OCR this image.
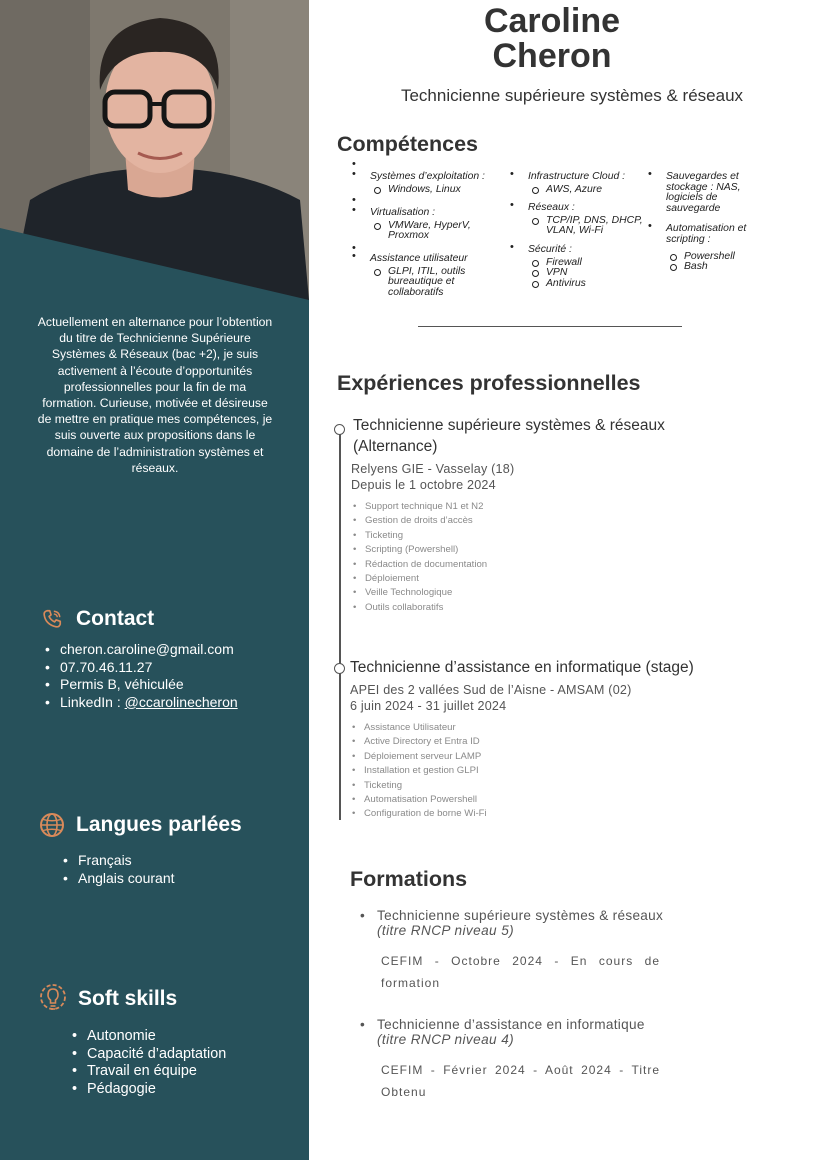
Actuellement en alternance pour l’obtention du titre de Technicienne Supérieure Systèmes & Réseaux (bac +2), je suis activement à l’écoute d’opportunités professionnelles pour la fin de ma formation. Curieuse, motivée et désireuse de mettre en pratique mes compétences, je suis ouverte aux propositions dans le domaine de l’administration systèmes et réseaux.
Contact
• cheron.caroline@gmail.com
• 07.70.46.11.27
• Permis B, véhiculée
• LinkedIn : @ccarolinecheron
Langues parlées
• Français
• Anglais courant
Soft skills
• Autonomie
• Capacité d’adaptation
• Travail en équipe
• Pédagogie
Caroline
Cheron
Technicienne supérieure systèmes & réseaux
Compétences
•
• Systèmes d’exploitation :
Windows, Linux
•
• Virtualisation :
VMWare, HyperV, Proxmox
•
• Assistance utilisateur
GLPI, ITIL, outils bureautique et collaboratifs
• Infrastructure Cloud :
AWS, Azure
• Réseaux :
TCP/IP, DNS, DHCP, VLAN, Wi-Fi
• Sécurité :
Firewall
VPN
Antivirus
• Sauvegardes et stockage : NAS, logiciels de sauvegarde
• Automatisation et scripting :
Powershell
Bash
Expériences professionnelles
Technicienne supérieure systèmes & réseaux (Alternance)
Relyens GIE - Vasselay (18)
Depuis le 1 octobre 2024
• Support technique N1 et N2
• Gestion de droits d’accès
• Ticketing
• Scripting (Powershell)
• Rédaction de documentation
• Déploiement
• Veille Technologique
• Outils collaboratifs
Technicienne d’assistance en informatique (stage)
APEI des 2 vallées Sud de l’Aisne - AMSAM (02)
6 juin 2024 - 31 juillet 2024
• Assistance Utilisateur
• Active Directory et Entra ID
• Déploiement serveur LAMP
• Installation et gestion GLPI
• Ticketing
• Automatisation Powershell
• Configuration de borne Wi-Fi
Formations
• Technicienne supérieure systèmes & réseaux
(titre RNCP niveau 5)
CEFIM - Octobre 2024 - En cours de formation
• Technicienne d’assistance en informatique
(titre RNCP niveau 4)
CEFIM - Février 2024 - Août 2024 - Titre Obtenu
